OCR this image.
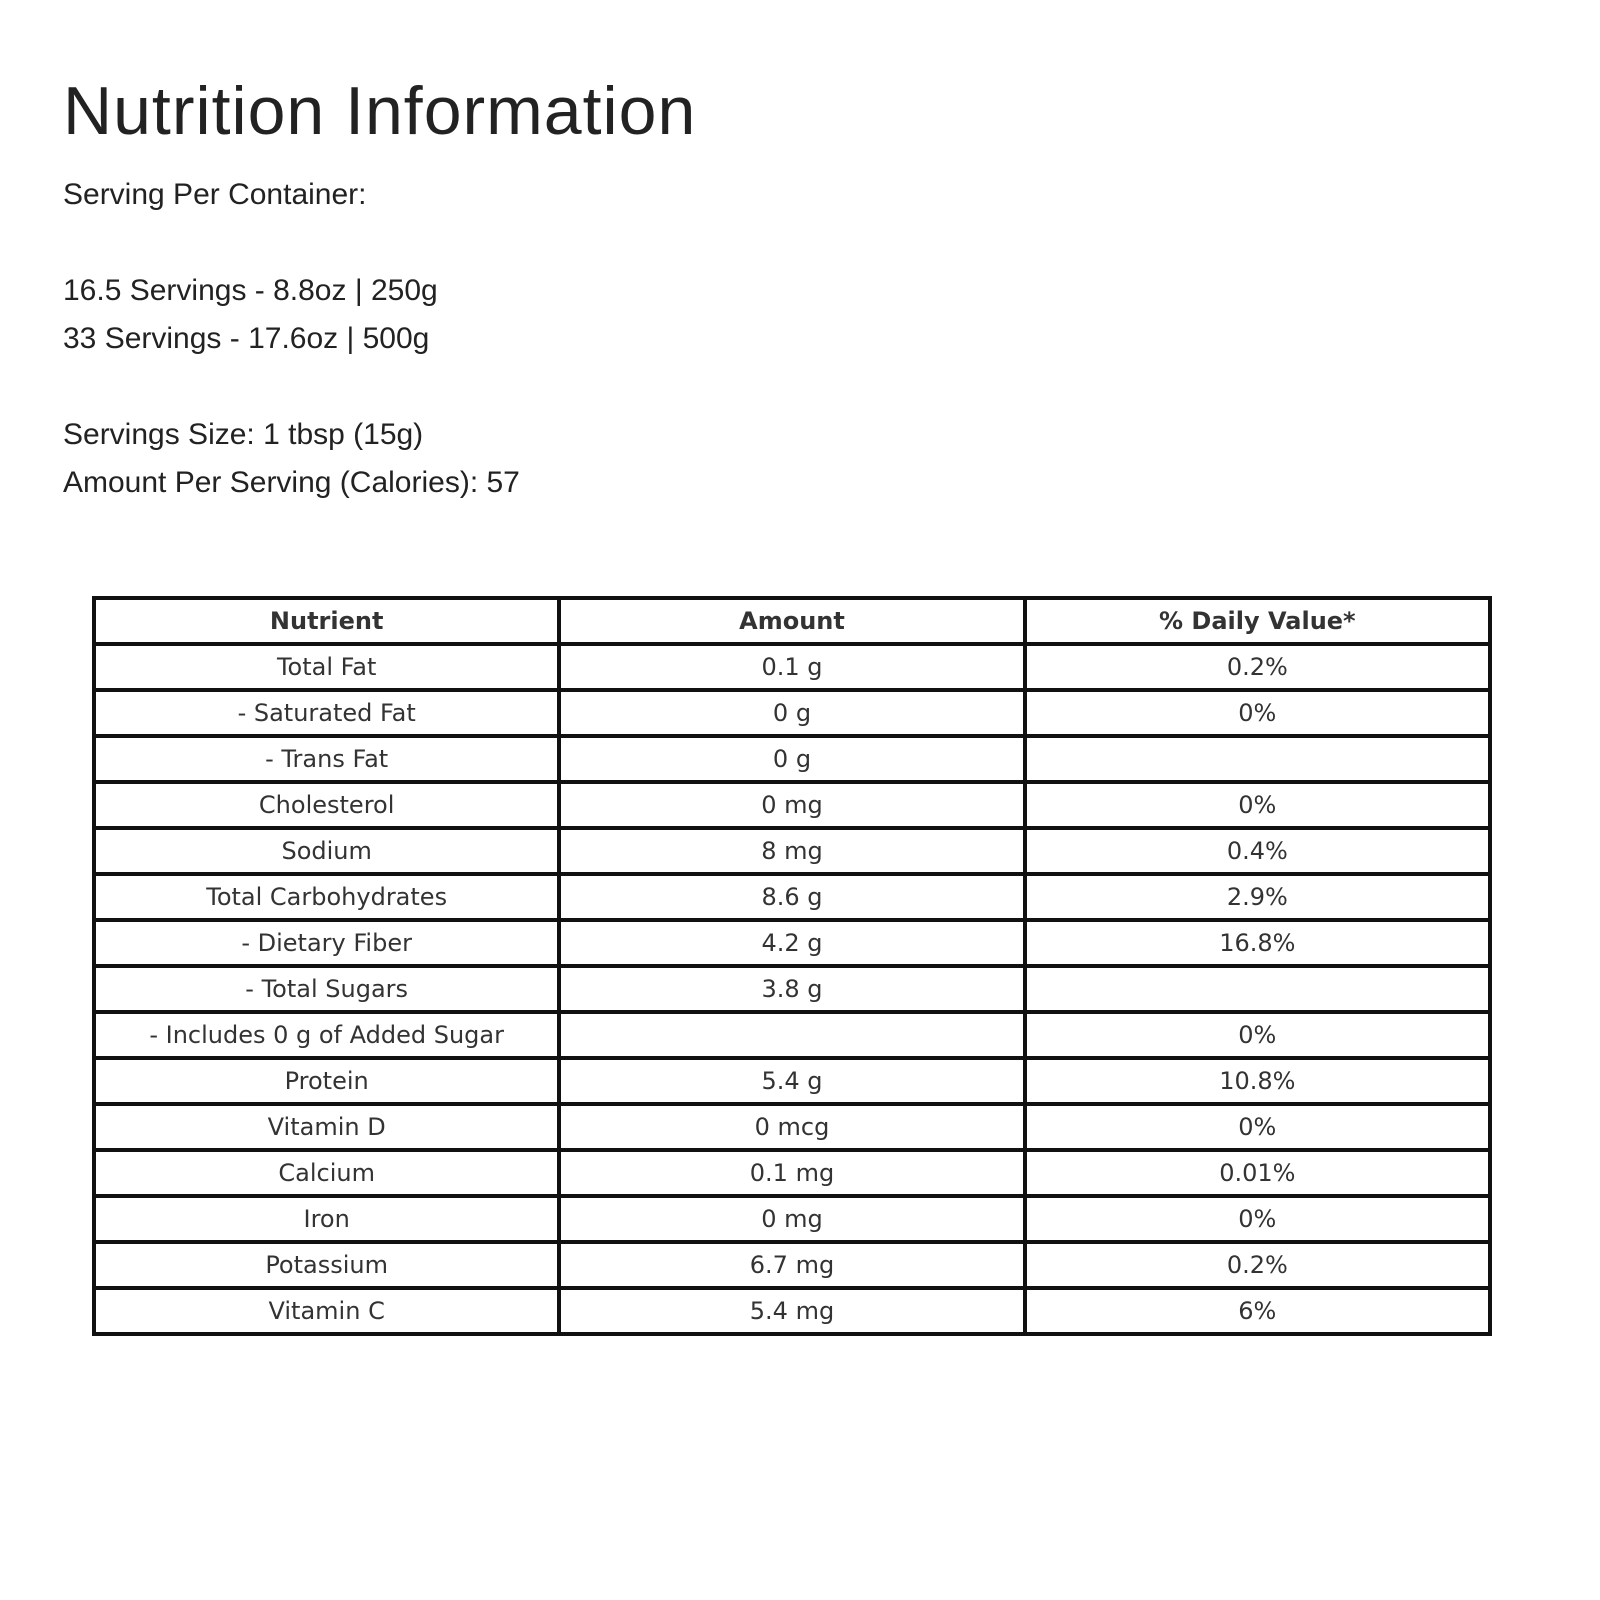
Nutrition Information
Serving Per Container:
16.5 Servings - 8.8oz | 250g
33 Servings - 17.6oz | 500g
Servings Size: 1 tbsp (15g)
Amount Per Serving (Calories): 57
Nutrient	Amount	% Daily Value*
Total Fat	0.1 g	0.2%
- Saturated Fat	0 g	0%
- Trans Fat	0 g	
Cholesterol	0 mg	0%
Sodium	8 mg	0.4%
Total Carbohydrates	8.6 g	2.9%
- Dietary Fiber	4.2 g	16.8%
- Total Sugars	3.8 g	
- Includes 0 g of Added Sugar		0%
Protein	5.4 g	10.8%
Vitamin D	0 mcg	0%
Calcium	0.1 mg	0.01%
Iron	0 mg	0%
Potassium	6.7 mg	0.2%
Vitamin C	5.4 mg	6%
